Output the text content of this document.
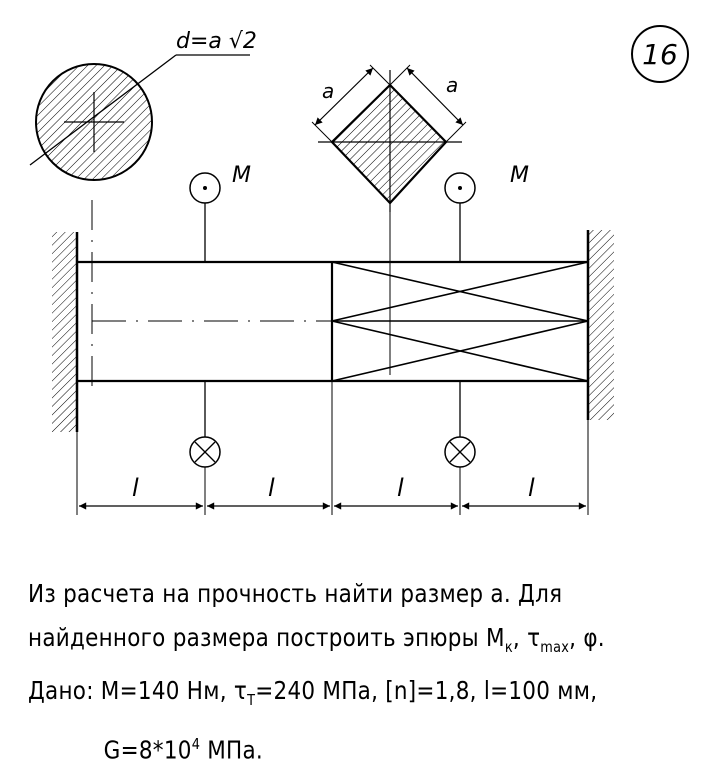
16
d=a √2
a	a
M	M
l	l	l	l
Из расчета на прочность найти размер a. Для
найденного размера построить эпюры $M_к$, $\tau_{max}$, φ.
Дано: M=140 Нм, $\tau_T=240$ МПа, [n]=1,8, l=100 мм,
$G=8*10^4$ МПа.
